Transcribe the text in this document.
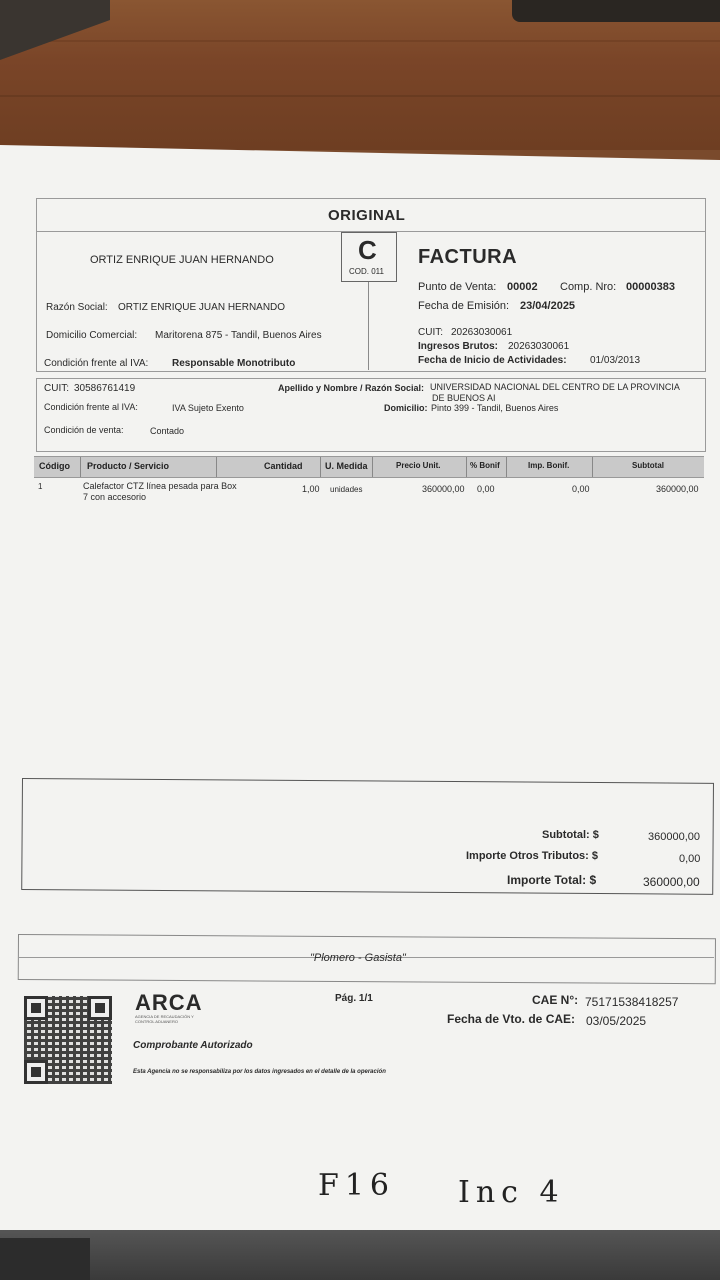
ORIGINAL
C
COD. 011
ORTIZ ENRIQUE JUAN HERNANDO	FACTURA
Punto de Venta: 00002 Comp. Nro: 00000383
Fecha de Emisión: 23/04/2025
Razón Social: ORTIZ ENRIQUE JUAN HERNANDO
Domicilio Comercial: Maritorena 875 - Tandil, Buenos Aires
Condición frente al IVA: Responsable Monotributo
CUIT: 20263030061
Ingresos Brutos: 20263030061
Fecha de Inicio de Actividades: 01/03/2013
CUIT: 30586761419
Condición frente al IVA:	IVA Sujeto Exento
Condición de venta:	Contado
Apellido y Nombre / Razón Social: UNIVERSIDAD NACIONAL DEL CENTRO DE LA PROVINCIA
DE BUENOS AI
Domicilio: Pinto 399 - Tandil, Buenos Aires
Código Producto / Servicio	Cantidad U. Medida	Precio Unit.	% Bonif	Imp. Bonif.	Subtotal
1	Calefactor CTZ línea pesada para Box
7 con accesorio
1,00 unidades	360000,00 0,00	0,00	360000,00
Subtotal: $	360000,00
Importe Otros Tributos: $	0,00
Importe Total: $	360000,00
"Plomero - Gasista"
ARCA
AGENCIA DE RECAUDACIÓN Y CONTROL ADUANERO
Pág. 1/1	CAE N°: 75171538418257
Fecha de Vto. de CAE: 03/05/2025
Comprobante Autorizado
Esta Agencia no se responsabiliza por los datos ingresados en el detalle de la operación
F16 Inc 4
